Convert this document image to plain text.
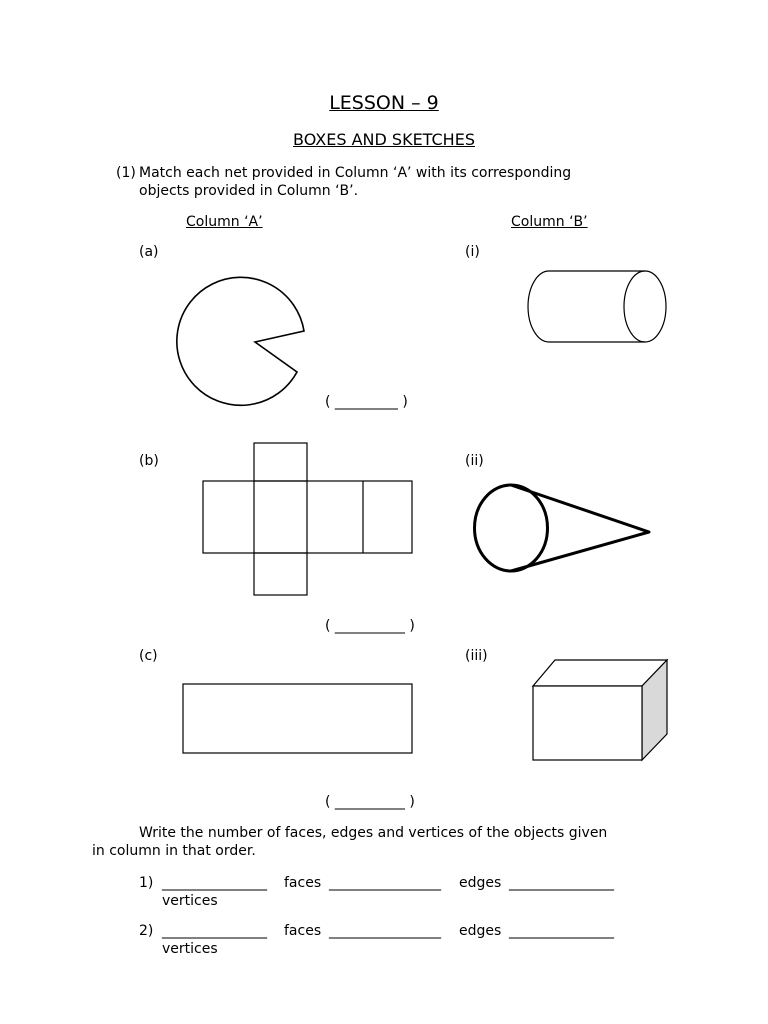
LESSON – 9
BOXES AND SKETCHES
(1) Match each net provided in Column ‘A’ with its corresponding
objects provided in Column ‘B’.
Column ‘A’	Column ‘B’
(a)	(i)
( _________ )
(b)	(ii)
( __________ )
(c)	(iii)
( __________ )
Write the number of faces, edges and vertices of the objects given
in column in that order.
1) _______________ faces ________________ edges _______________
vertices
2) _______________ faces ________________ edges _______________
vertices
